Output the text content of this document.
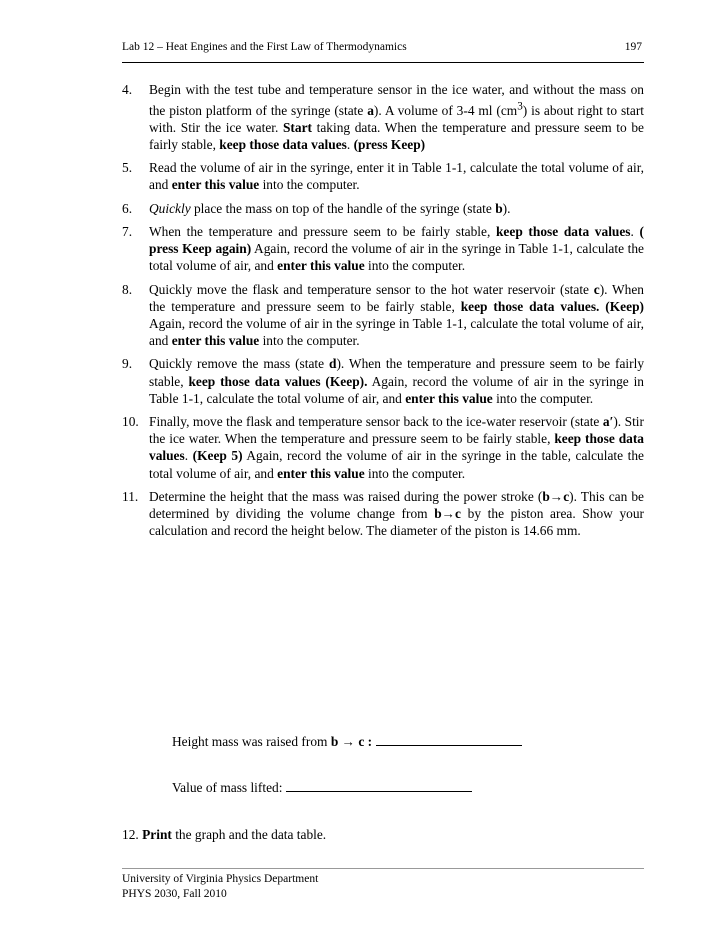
Lab 12 – Heat Engines and the First Law of Thermodynamics	197
4. Begin with the test tube and temperature sensor in the ice water, and without the mass on the piston platform of the syringe (state a). A volume of 3-4 ml $(cm^3)$ is about right to start with. Stir the ice water. Start taking data. When the temperature and pressure seem to be fairly stable, keep those data values. (press Keep)
5. Read the volume of air in the syringe, enter it in Table 1-1, calculate the total volume of air, and enter this value into the computer.
6. Quickly place the mass on top of the handle of the syringe (state b).
7. When the temperature and pressure seem to be fairly stable, keep those data values. ( press Keep again) Again, record the volume of air in the syringe in Table 1-1, calculate the total volume of air, and enter this value into the computer.
8. Quickly move the flask and temperature sensor to the hot water reservoir (state c). When the temperature and pressure seem to be fairly stable, keep those data values. (Keep) Again, record the volume of air in the syringe in Table 1-1, calculate the total volume of air, and enter this value into the computer.
9. Quickly remove the mass (state d). When the temperature and pressure seem to be fairly stable, keep those data values (Keep). Again, record the volume of air in the syringe in Table 1-1, calculate the total volume of air, and enter this value into the computer.
10. Finally, move the flask and temperature sensor back to the ice-water reservoir (state a′). Stir the ice water. When the temperature and pressure seem to be fairly stable, keep those data values. (Keep 5) Again, record the volume of air in the syringe in the table, calculate the total volume of air, and enter this value into the computer.
11. Determine the height that the mass was raised during the power stroke (b→c). This can be determined by dividing the volume change from b→c by the piston area. Show your calculation and record the height below. The diameter of the piston is 14.66 mm.
Height mass was raised from b → c :
Value of mass lifted:
12. Print the graph and the data table.
University of Virginia Physics Department
PHYS 2030, Fall 2010
